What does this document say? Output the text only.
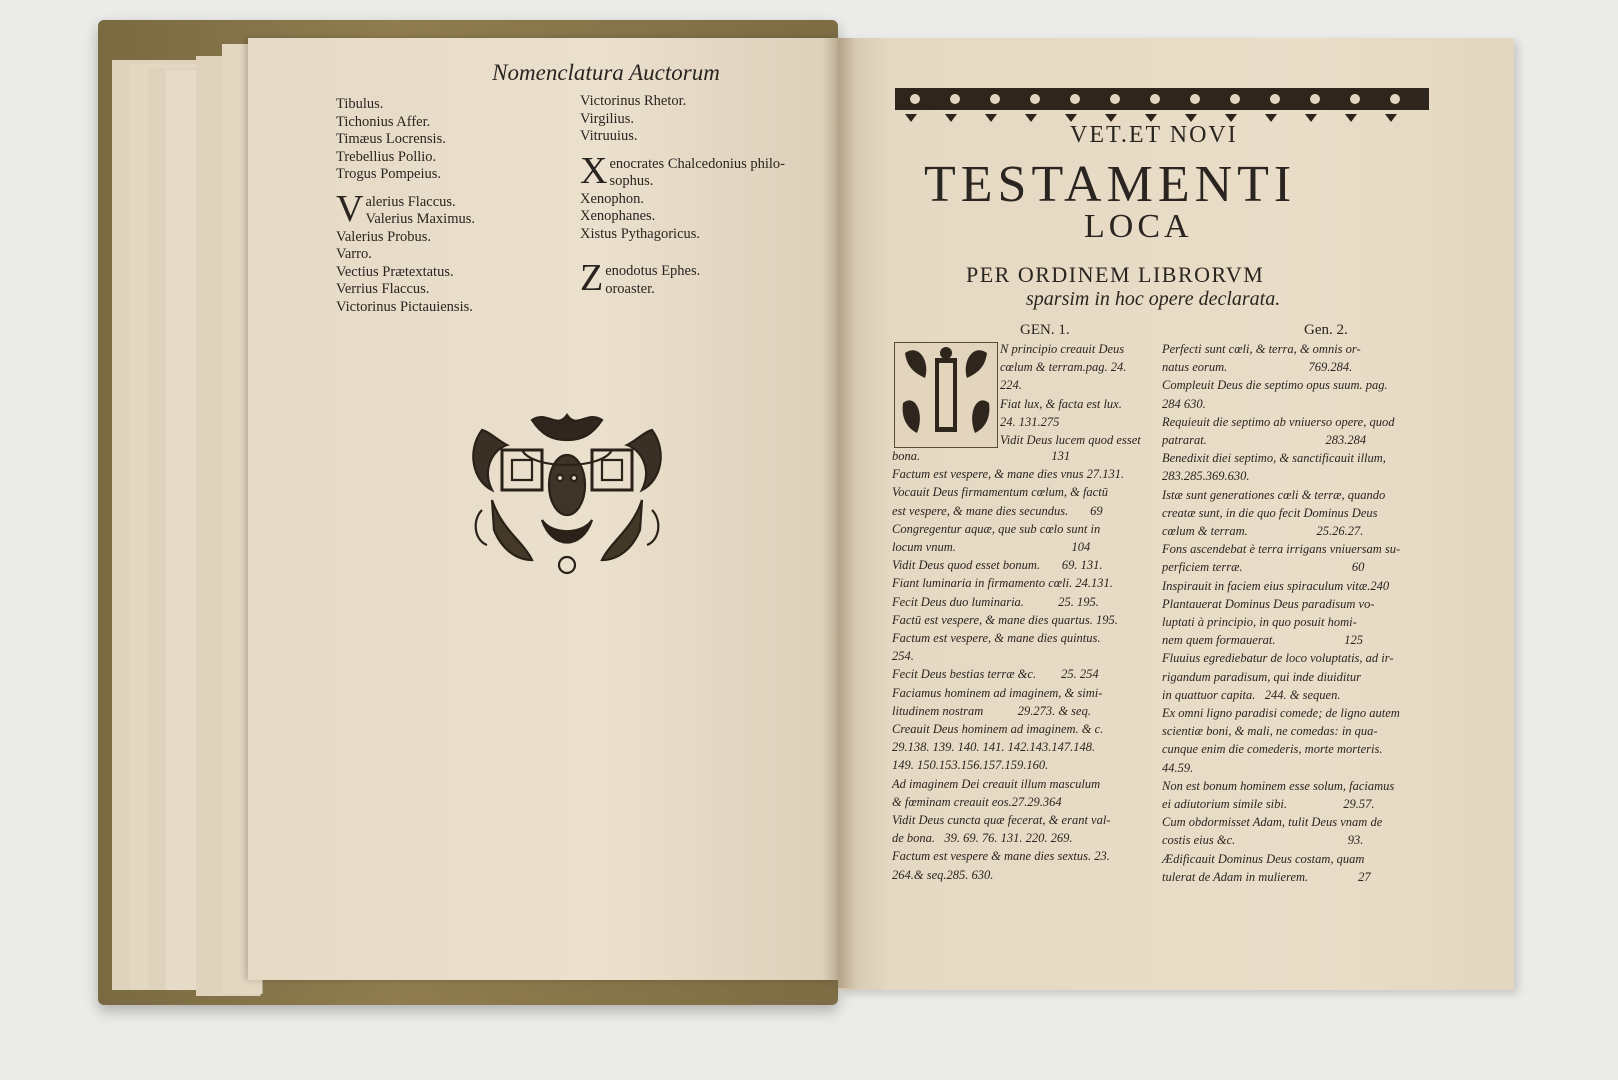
Nomenclatura Auctorum
Tibulus.
Tichonius Affer.
Timæus Locrensis.
Trebellius Pollio.
Trogus Pompeius.
V alerius Flaccus.
Valerius Maximus.
Valerius Probus.
Varro.
Vectius Prætextatus.
Verrius Flaccus.
Victorinus Pictauiensis.
Victorinus Rhetor.
Virgilius.
Vitruuius.
X enocrates Chalcedonius philo-
sophus.
Xenophon.
Xenophanes.
Xistus Pythagoricus.
Z enodotus Ephes.
oroaster.
VET.ET NOVI
TESTAMENTI
LOCA
PER ORDINEM LIBRORVM
sparsim in hoc opere declarata.
GEN. 1.	Gen. 2.
N principio creauit Deus
cœlum & terram.pag. 24.
224.
Fiat lux, & facta est lux.
24. 131.275
Vidit Deus lucem quod esset
bona.                                          131
Factum est vespere, & mane dies vnus 27.131.
Vocauit Deus firmamentum cœlum, & factū
est vespere, & mane dies secundus.       69
Congregentur aquæ, que sub cœlo sunt in
locum vnum.                                     104
Vidit Deus quod esset bonum.       69. 131.
Fiant luminaria in firmamento cœli. 24.131.
Fecit Deus duo luminaria.           25. 195.
Factū est vespere, & mane dies quartus. 195.
Factum est vespere, & mane dies quintus.
254.
Fecit Deus bestias terræ &c.        25. 254
Faciamus hominem ad imaginem, & simi-
litudinem nostram           29.273. & seq.
Creauit Deus hominem ad imaginem. & c.
29.138. 139. 140. 141. 142.143.147.148.
149. 150.153.156.157.159.160.
Ad imaginem Dei creauit illum masculum
& fœminam creauit eos.27.29.364
Vidit Deus cuncta quæ fecerat, & erant val-
de bona.   39. 69. 76. 131. 220. 269.
Factum est vespere & mane dies sextus. 23.
264.& seq.285. 630.
Perfecti sunt cœli, & terra, & omnis or-
natus eorum.                          769.284.
Compleuit Deus die septimo opus suum. pag.
284 630.
Requieuit die septimo ab vniuerso opere, quod
patrarat.                                      283.284
Benedixit diei septimo, & sanctificauit illum,
283.285.369.630.
Istæ sunt generationes cœli & terræ, quando
creatæ sunt, in die quo fecit Dominus Deus
cœlum & terram.                      25.26.27.
Fons ascendebat è terra irrigans vniuersam su-
perficiem terræ.                                   60
Inspirauit in faciem eius spiraculum vitæ.240
Plantauerat Dominus Deus paradisum vo-
luptati à principio, in quo posuit homi-
nem quem formauerat.                      125
Fluuius egrediebatur de loco voluptatis, ad ir-
rigandum paradisum, qui inde diuiditur
in quattuor capita.   244. & sequen.
Ex omni ligno paradisi comede; de ligno autem
scientiæ boni, & mali, ne comedas: in qua-
cunque enim die comederis, morte morteris.
44.59.
Non est bonum hominem esse solum, faciamus
ei adiutorium simile sibi.                  29.57.
Cum obdormisset Adam, tulit Deus vnam de
costis eius &c.                                    93.
Ædificauit Dominus Deus costam, quam
tulerat de Adam in mulierem.                27
